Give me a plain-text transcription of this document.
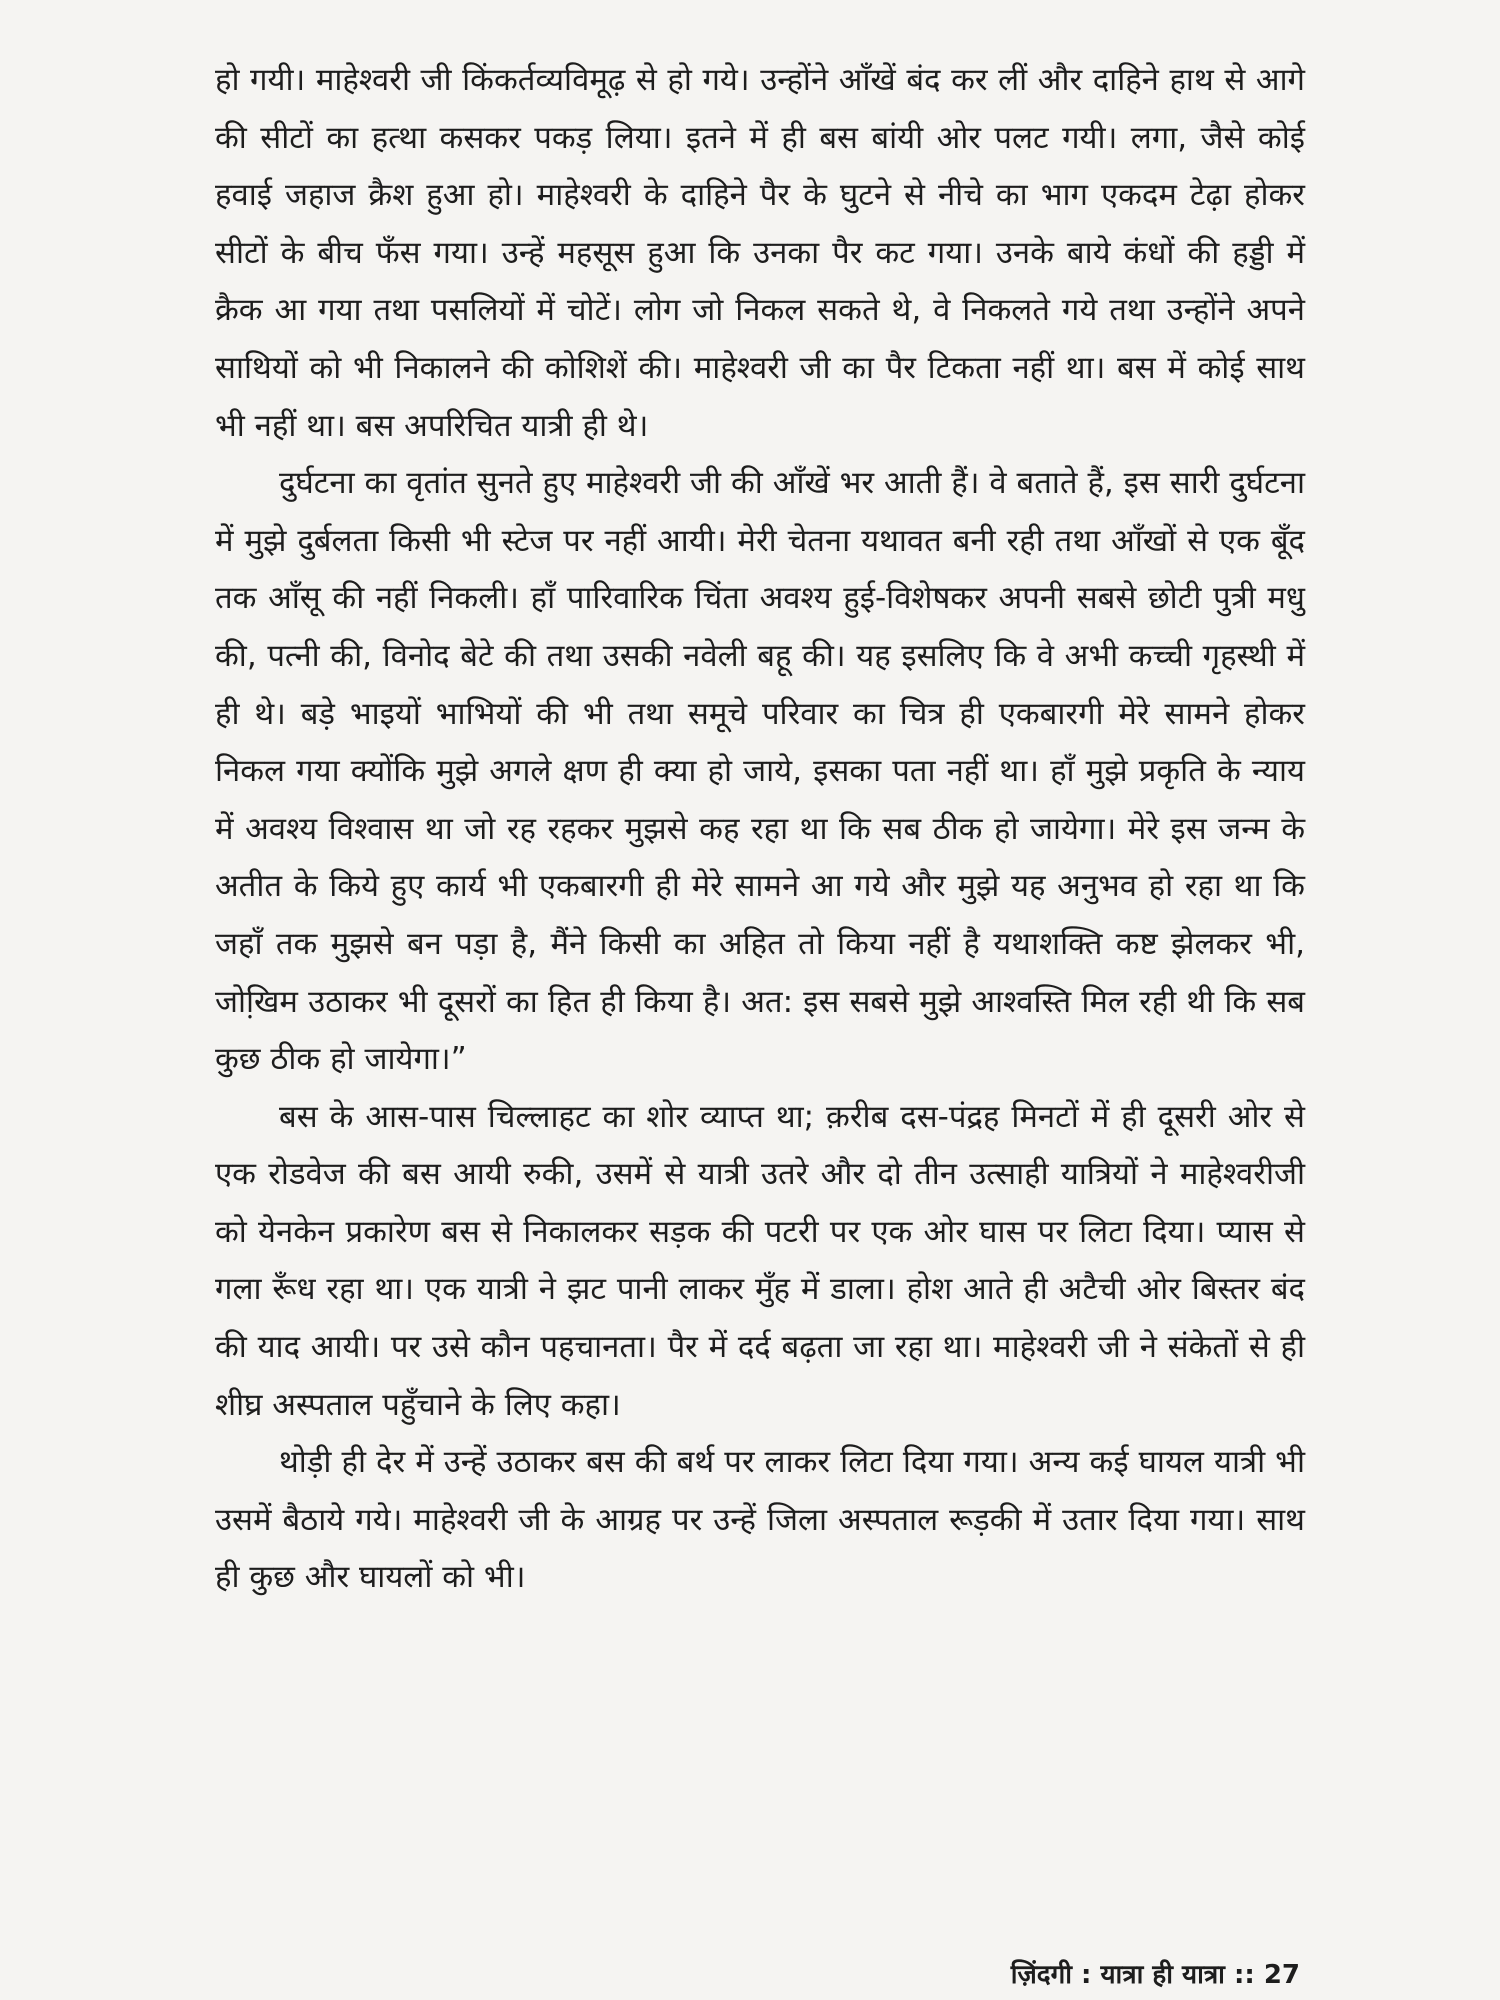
हो गयी। माहेश्वरी जी किंकर्तव्यविमूढ़ से हो गये। उन्होंने आँखें बंद कर लीं और दाहिने हाथ से आगे की सीटों का हत्था कसकर पकड़ लिया। इतने में ही बस बांयी ओर पलट गयी। लगा, जैसे कोई हवाई जहाज क्रैश हुआ हो। माहेश्वरी के दाहिने पैर के घुटने से नीचे का भाग एकदम टेढ़ा होकर सीटों के बीच फँस गया। उन्हें महसूस हुआ कि उनका पैर कट गया। उनके बाये कंधों की हड्डी में क्रैक आ गया तथा पसलियों में चोटें। लोग जो निकल सकते थे, वे निकलते गये तथा उन्होंने अपने साथियों को भी निकालने की कोशिशें की। माहेश्वरी जी का पैर टिकता नहीं था। बस में कोई साथ भी नहीं था। बस अपरिचित यात्री ही थे।

दुर्घटना का वृतांत सुनते हुए माहेश्वरी जी की आँखें भर आती हैं। वे बताते हैं, इस सारी दुर्घटना में मुझे दुर्बलता किसी भी स्टेज पर नहीं आयी। मेरी चेतना यथावत बनी रही तथा आँखों से एक बूँद तक आँसू की नहीं निकली। हाँ पारिवारिक चिंता अवश्य हुई-विशेषकर अपनी सबसे छोटी पुत्री मधु की, पत्नी की, विनोद बेटे की तथा उसकी नवेली बहू की। यह इसलिए कि वे अभी कच्ची गृहस्थी में ही थे। बड़े भाइयों भाभियों की भी तथा समूचे परिवार का चित्र ही एकबारगी मेरे सामने होकर निकल गया क्योंकि मुझे अगले क्षण ही क्या हो जाये, इसका पता नहीं था। हाँ मुझे प्रकृति के न्याय में अवश्य विश्वास था जो रह रहकर मुझसे कह रहा था कि सब ठीक हो जायेगा। मेरे इस जन्म के अतीत के किये हुए कार्य भी एकबारगी ही मेरे सामने आ गये और मुझे यह अनुभव हो रहा था कि जहाँ तक मुझसे बन पड़ा है, मैंने किसी का अहित तो किया नहीं है यथाशक्ति कष्ट झेलकर भी, जोखि़म उठाकर भी दूसरों का हित ही किया है। अत: इस सबसे मुझे आश्वस्ति मिल रही थी कि सब कुछ ठीक हो जायेगा।”

बस के आस-पास चिल्लाहट का शोर व्याप्त था; क़रीब दस-पंद्रह मिनटों में ही दूसरी ओर से एक रोडवेज की बस आयी रुकी, उसमें से यात्री उतरे और दो तीन उत्साही यात्रियों ने माहेश्वरीजी को येनकेन प्रकारेण बस से निकालकर सड़क की पटरी पर एक ओर घास पर लिटा दिया। प्यास से गला रूँध रहा था। एक यात्री ने झट पानी लाकर मुँह में डाला। होश आते ही अटैची ओर बिस्तर बंद की याद आयी। पर उसे कौन पहचानता। पैर में दर्द बढ़ता जा रहा था। माहेश्वरी जी ने संकेतों से ही शीघ्र अस्पताल पहुँचाने के लिए कहा।

थोड़ी ही देर में उन्हें उठाकर बस की बर्थ पर लाकर लिटा दिया गया। अन्य कई घायल यात्री भी उसमें बैठाये गये। माहेश्वरी जी के आग्रह पर उन्हें जिला अस्पताल रूड़की में उतार दिया गया। साथ ही कुछ और घायलों को भी।

ज़िंदगी : यात्रा ही यात्रा :: 27
